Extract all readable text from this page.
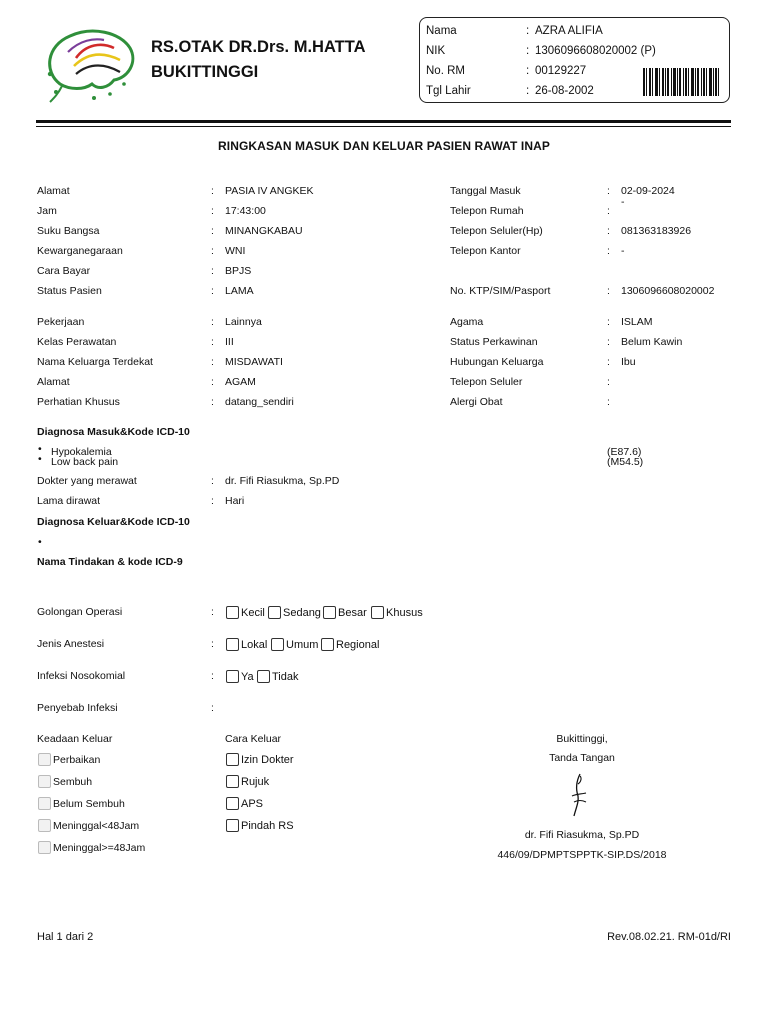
RS.OTAK DR.Drs. M.HATTA
BUKITTINGGI
Nama	: AZRA ALIFIA
NIK	: 1306096608020002 (P)
No. RM	: 00129227
Tgl Lahir	: 26-08-2002
RINGKASAN MASUK DAN KELUAR PASIEN RAWAT INAP
Alamat	: PASIA IV ANGKEK
Jam	: 17:43:00
Suku Bangsa	: MINANGKABAU
Kewarganegaraan	: WNI
Cara Bayar	: BPJS
Status Pasien	: LAMA
Pekerjaan	: Lainnya
Kelas Perawatan	: III
Nama Keluarga Terdekat	: MISDAWATI
Alamat	: AGAM
Perhatian Khusus	: datang_sendiri
Tanggal Masuk	: 02-09-2024
Telepon Rumah	:
-
Telepon Seluler(Hp)	: 081363183926
Telepon Kantor	: -
No. KTP/SIM/Pasport	: 1306096608020002
Agama	: ISLAM
Status Perkawinan	: Belum Kawin
Hubungan Keluarga	: Ibu
Telepon Seluler	:
Alergi Obat	:
Diagnosa Masuk&Kode ICD-10
• Hypokalemia	(E87.6)
• Low back pain	(M54.5)
Dokter yang merawat	: dr. Fifi Riasukma, Sp.PD
Lama dirawat	: Hari
Diagnosa Keluar&Kode ICD-10
•
Nama Tindakan & kode ICD-9
Golongan Operasi	: Kecil Sedang Besar Khusus
Jenis Anestesi	: Lokal Umum Regional
Infeksi Nosokomial	: Ya Tidak
Penyebab Infeksi	:
Keadaan Keluar
Perbaikan
Sembuh
Belum Sembuh
Meninggal<48Jam
Meninggal>=48Jam
Cara Keluar
Izin Dokter
Rujuk
APS
Pindah RS
Bukittinggi,
Tanda Tangan
dr. Fifi Riasukma, Sp.PD
446/09/DPMPTSPPTK-SIP.DS/2018
Hal 1 dari 2	Rev.08.02.21. RM-01d/RI
